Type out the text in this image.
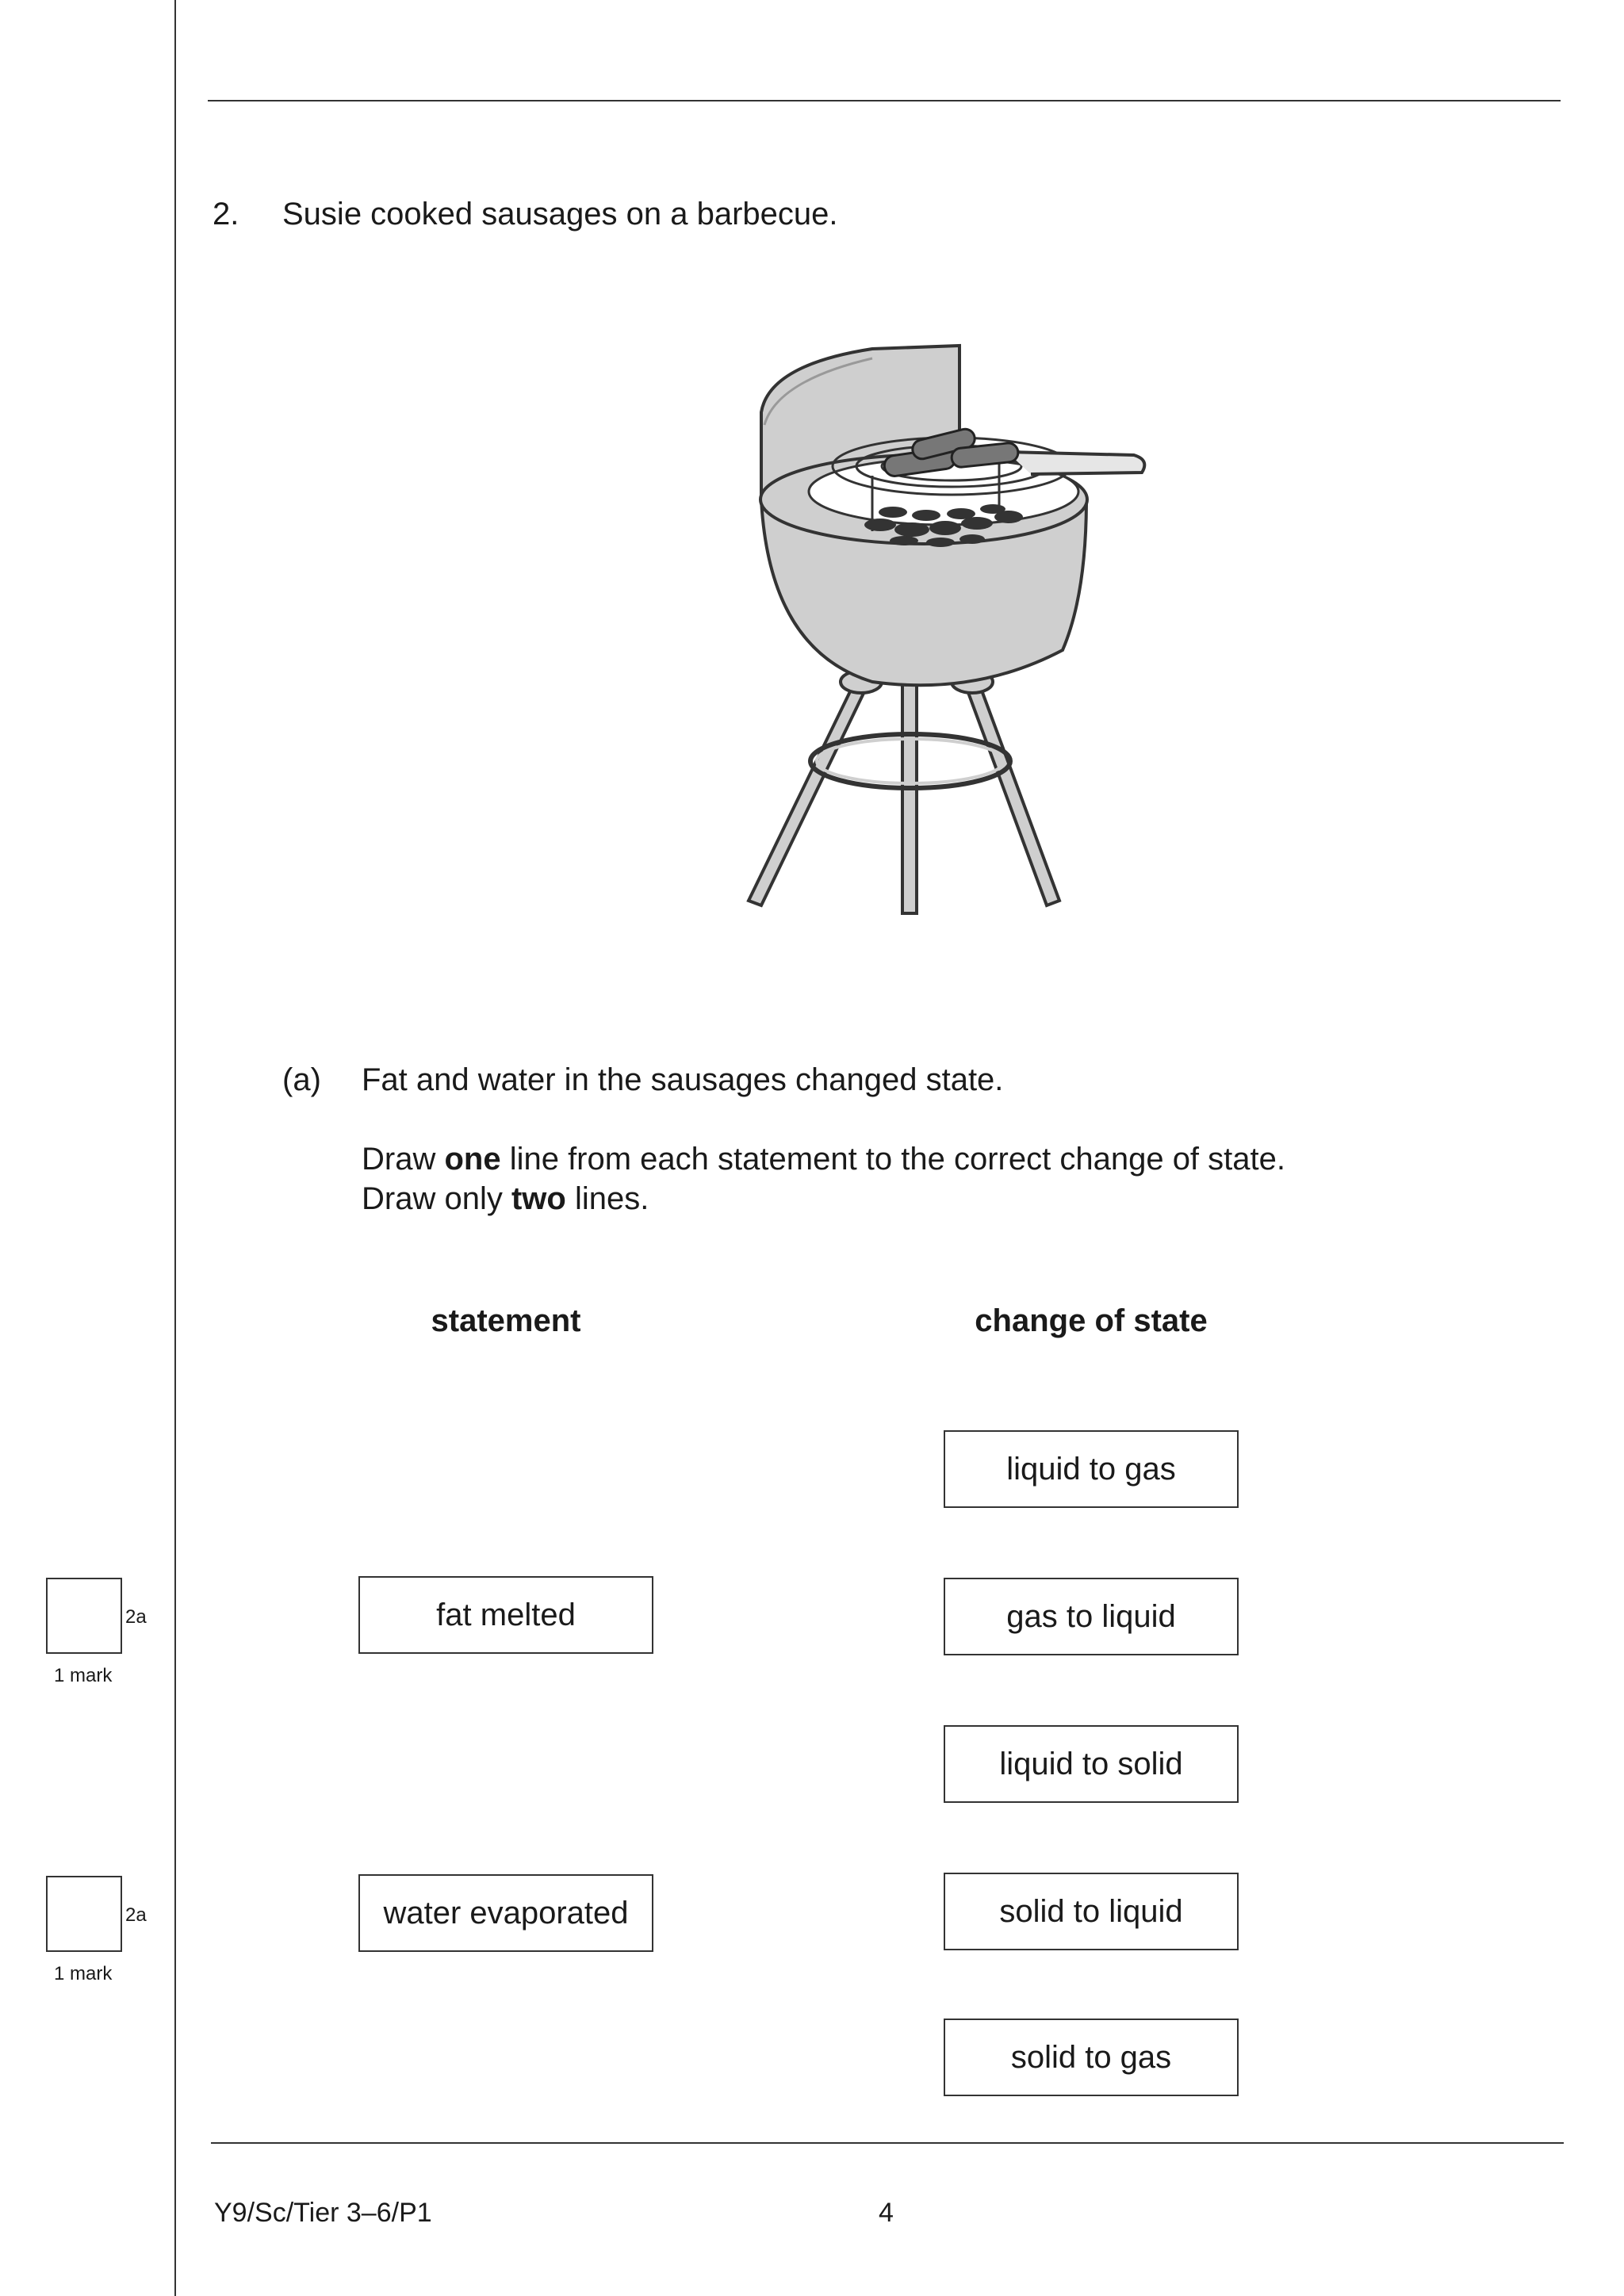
2. Susie cooked sausages on a barbecue.
(a) Fat and water in the sausages changed state.
Draw one line from each statement to the correct change of state.
Draw only two lines.
statement	change of state
fat melted
water evaporated
liquid to gas
gas to liquid
liquid to solid
solid to liquid
solid to gas
2a
1 mark
2a
1 mark
Y9/Sc/Tier 3–6/P1	4
